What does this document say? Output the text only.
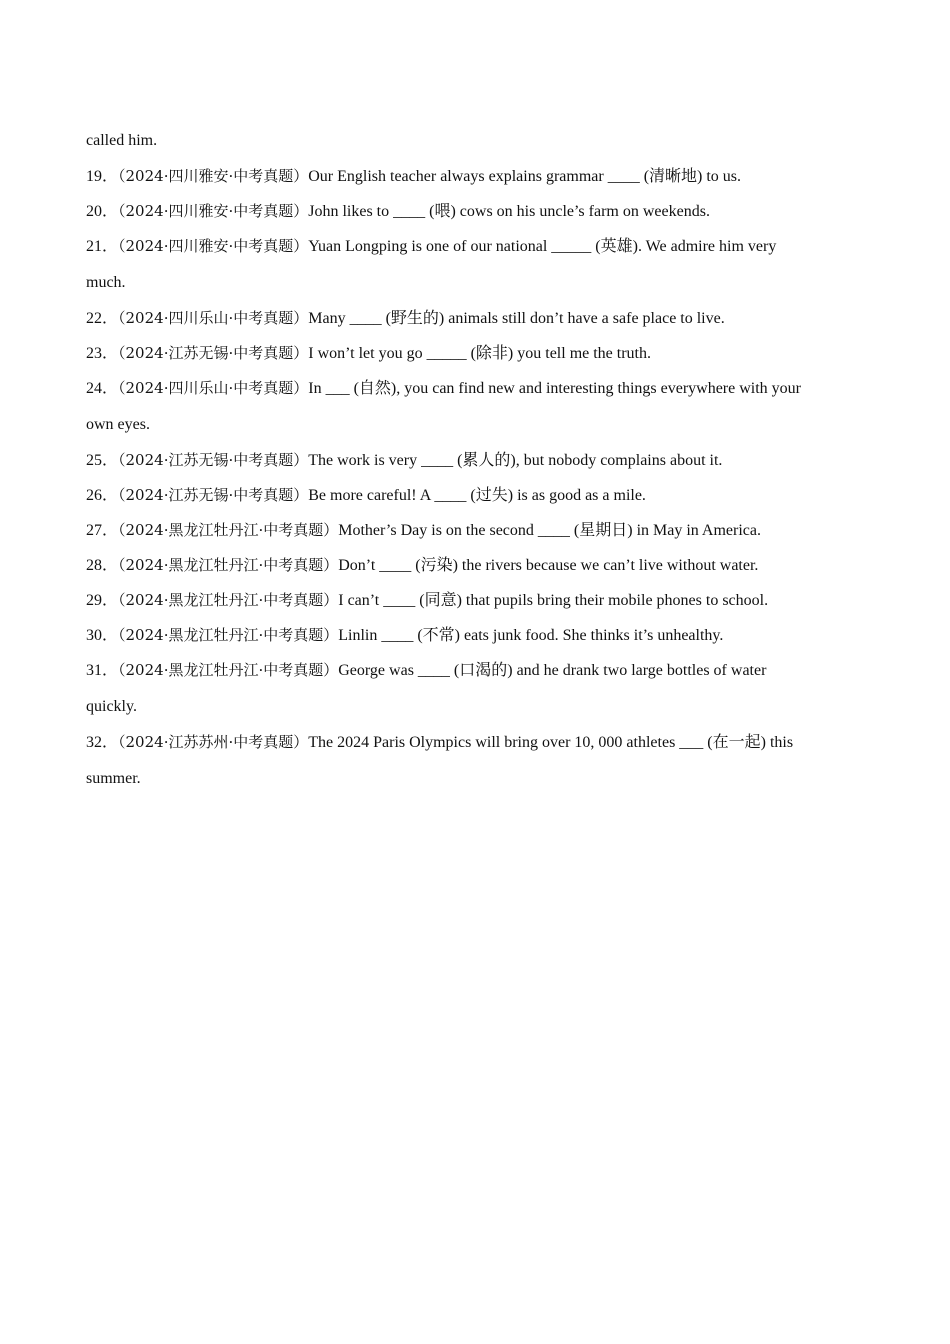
called him.
19．（2024·四川雅安·中考真题）Our English teacher always explains grammar ____ (清晰地) to us.
20．（2024·四川雅安·中考真题）John likes to ____ (喂) cows on his uncle’s farm on weekends.
21．（2024·四川雅安·中考真题）Yuan Longping is one of our national _____ (英雄). We admire him very
much.
22．（2024·四川乐山·中考真题）Many ____ (野生的) animals still don’t have a safe place to live.
23．（2024·江苏无锡·中考真题）I won’t let you go _____ (除非) you tell me the truth.
24．（2024·四川乐山·中考真题）In ___ (自然), you can find new and interesting things everywhere with your
own eyes.
25．（2024·江苏无锡·中考真题）The work is very ____ (累人的), but nobody complains about it.
26．（2024·江苏无锡·中考真题）Be more careful! A ____ (过失) is as good as a mile.
27．（2024·黑龙江牡丹江·中考真题）Mother’s Day is on the second ____ (星期日) in May in America.
28．（2024·黑龙江牡丹江·中考真题）Don’t ____ (污染) the rivers because we can’t live without water.
29．（2024·黑龙江牡丹江·中考真题）I can’t ____ (同意) that pupils bring their mobile phones to school.
30．（2024·黑龙江牡丹江·中考真题）Linlin ____ (不常) eats junk food. She thinks it’s unhealthy.
31．（2024·黑龙江牡丹江·中考真题）George was ____ (口渴的) and he drank two large bottles of water
quickly.
32．（2024·江苏苏州·中考真题）The 2024 Paris Olympics will bring over 10, 000 athletes ___ (在一起) this
summer.
